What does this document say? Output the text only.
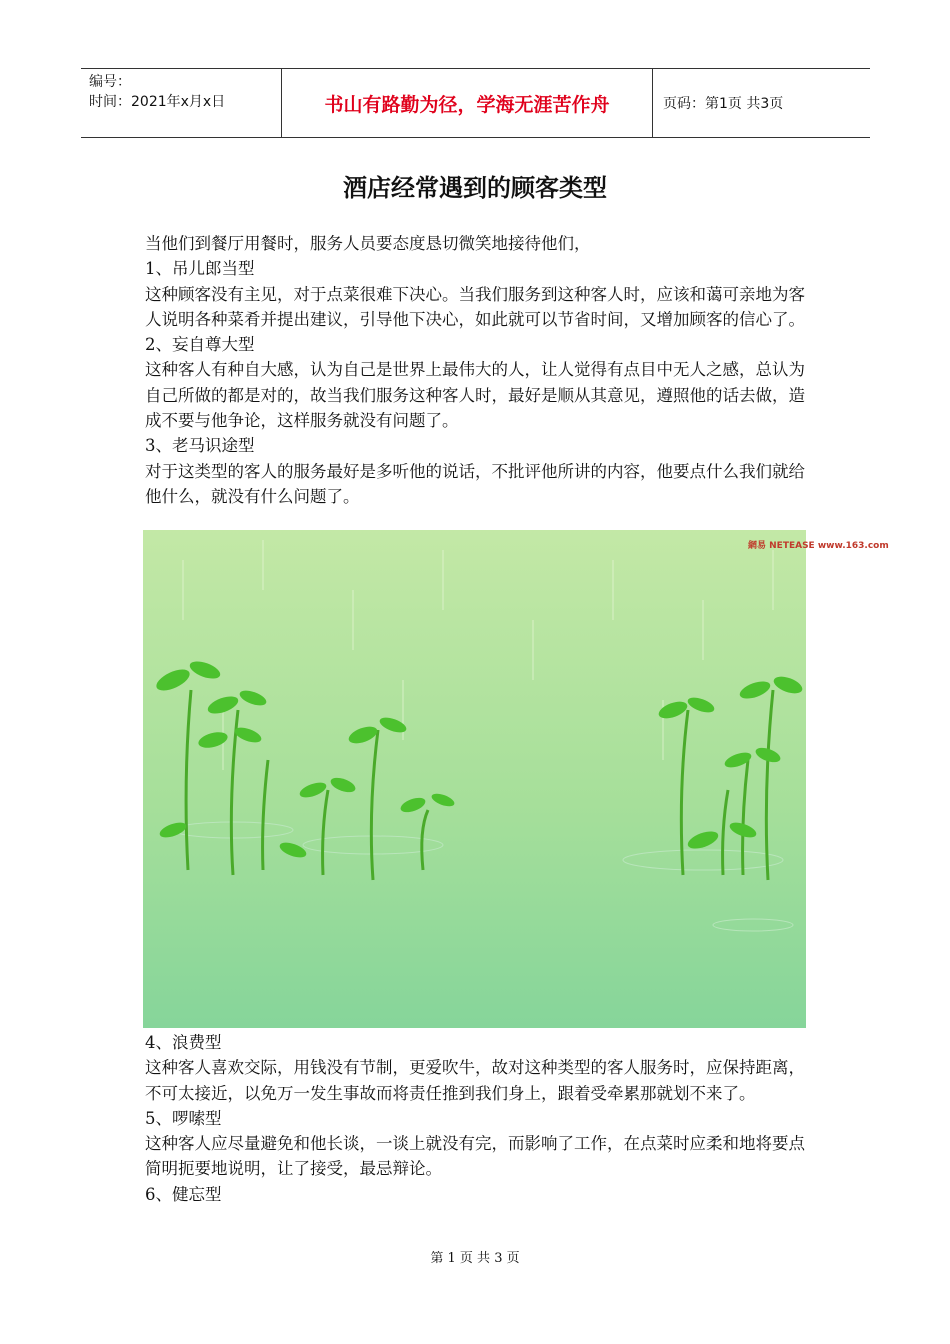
编号：
时间：2021年x月x日	书山有路勤为径，学海无涯苦作舟	页码：第1页 共3页
酒店经常遇到的顾客类型

当他们到餐厅用餐时，服务人员要态度恳切微笑地接待他们，

1、吊儿郎当型

这种顾客没有主见，对于点菜很难下决心。当我们服务到这种客人时，应该和蔼可亲地为客人说明各种菜肴并提出建议，引导他下决心，如此就可以节省时间，又增加顾客的信心了。

2、妄自尊大型

这种客人有种自大感，认为自己是世界上最伟大的人，让人觉得有点目中无人之感，总认为自己所做的都是对的，故当我们服务这种客人时，最好是顺从其意见，遵照他的话去做，造成不要与他争论，这样服务就没有问题了。

3、老马识途型

对于这类型的客人的服务最好是多听他的说话，不批评他所讲的内容，他要点什么我们就给他什么，就没有什么问题了。

網易 NETEASE www.163.com

4、浪费型

这种客人喜欢交际，用钱没有节制，更爱吹牛，故对这种类型的客人服务时，应保持距离，不可太接近，以免万一发生事故而将责任推到我们身上，跟着受牵累那就划不来了。

5、啰嗦型

这种客人应尽量避免和他长谈，一谈上就没有完，而影响了工作，在点菜时应柔和地将要点简明扼要地说明，让了接受，最忌辩论。

6、健忘型

第 1 页 共 3 页
